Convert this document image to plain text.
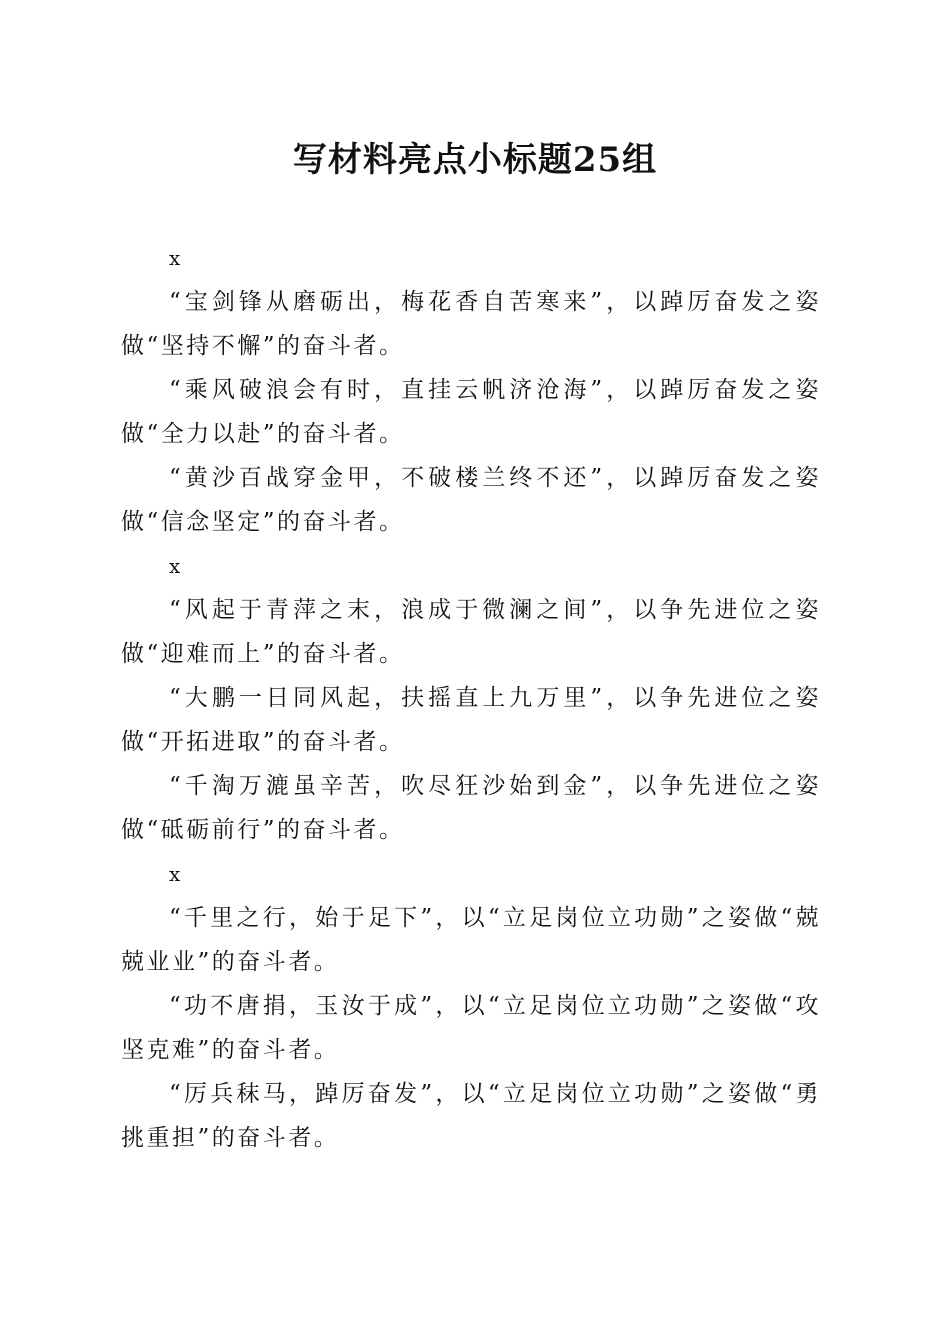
写材料亮点小标题25组
x

“宝剑锋从磨砺出，梅花香自苦寒来”，以踔厉奋发之姿做“坚持不懈”的奋斗者。

“乘风破浪会有时，直挂云帆济沧海”，以踔厉奋发之姿做“全力以赴”的奋斗者。

“黄沙百战穿金甲，不破楼兰终不还”，以踔厉奋发之姿做“信念坚定”的奋斗者。

x

“风起于青萍之末，浪成于微澜之间”，以争先进位之姿做“迎难而上”的奋斗者。

“大鹏一日同风起，扶摇直上九万里”，以争先进位之姿做“开拓进取”的奋斗者。

“千淘万漉虽辛苦，吹尽狂沙始到金”，以争先进位之姿做“砥砺前行”的奋斗者。

x

“千里之行，始于足下”，以“立足岗位立功勋”之姿做“兢兢业业”的奋斗者。

“功不唐捐，玉汝于成”，以“立足岗位立功勋”之姿做“攻坚克难”的奋斗者。

“厉兵秣马，踔厉奋发”，以“立足岗位立功勋”之姿做“勇挑重担”的奋斗者。
